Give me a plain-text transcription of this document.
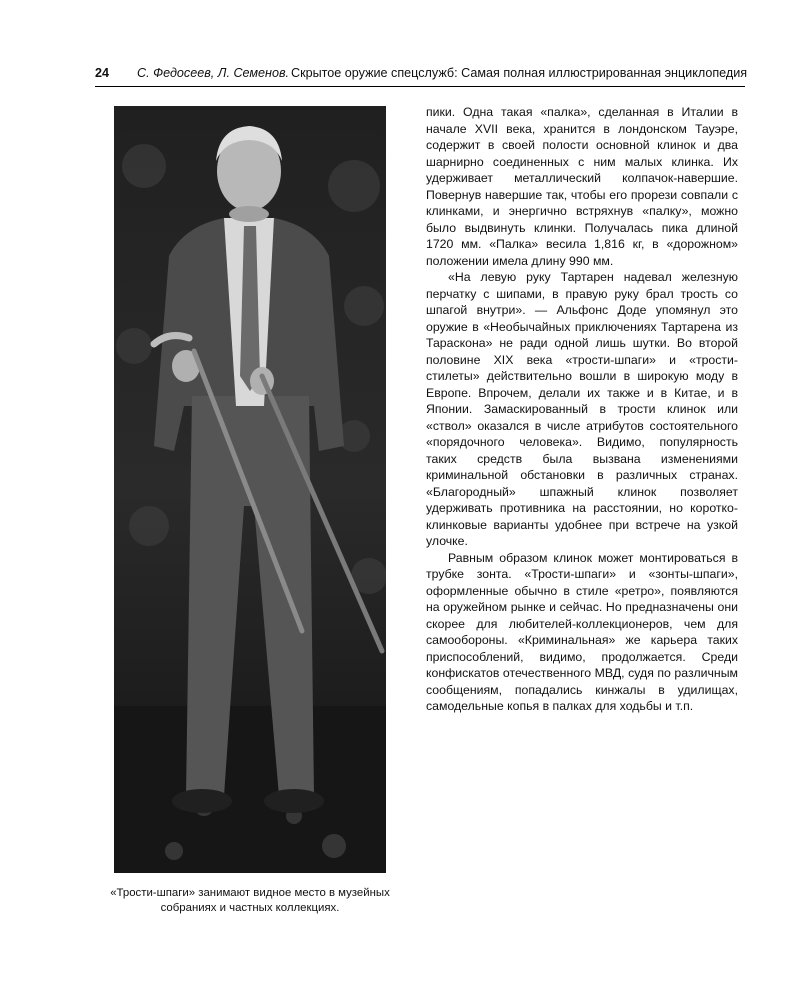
24 С. Федосеев, Л. Семенов. Скрытое оружие спецслужб: Самая полная иллюстрированная энциклопедия
«Трости-шпаги» занимают видное место в музейных
собраниях и частных коллекциях.

пики. Одна такая «палка», сделанная в Италии в начале XVII века, хранится в лондонском Тауэре, содержит в своей полости основной клинок и два шарнирно соединенных с ним малых клинка. Их удерживает металлический колпачок-навершие. Повернув навершие так, чтобы его прорези совпали с клинками, и энергично встряхнув «палку», можно было выдвинуть клинки. Получалась пика длиной 1720 мм. «Палка» весила 1,816 кг, в «дорожном» положении имела длину 990 мм.

«На левую руку Тартарен надевал железную перчатку с шипами, в правую руку брал трость со шпагой внутри». — Альфонс Доде упомянул это оружие в «Необычайных приключениях Тартарена из Тараскона» не ради одной лишь шутки. Во второй половине XIX века «трости-шпаги» и «трости-стилеты» действительно вошли в широкую моду в Европе. Впрочем, делали их также и в Китае, и в Японии. Замаскированный в трости клинок или «ствол» оказался в числе атрибутов состоятельного «порядочного человека». Видимо, популярность таких средств была вызвана изменениями криминальной обстановки в различных странах. «Благородный» шпажный клинок позволяет удерживать противника на расстоянии, но коротко-клинковые варианты удобнее при встрече на узкой улочке.

Равным образом клинок может монтироваться в трубке зонта. «Трости-шпаги» и «зонты-шпаги», оформленные обычно в стиле «ретро», появляются на оружейном рынке и сейчас. Но предназначены они скорее для любителей-коллекционеров, чем для самообороны. «Криминальная» же карьера таких приспособлений, видимо, продолжается. Среди конфискатов отечественного МВД, судя по различным сообщениям, попадались кинжалы в удилищах, самодельные копья в палках для ходьбы и т.п.
